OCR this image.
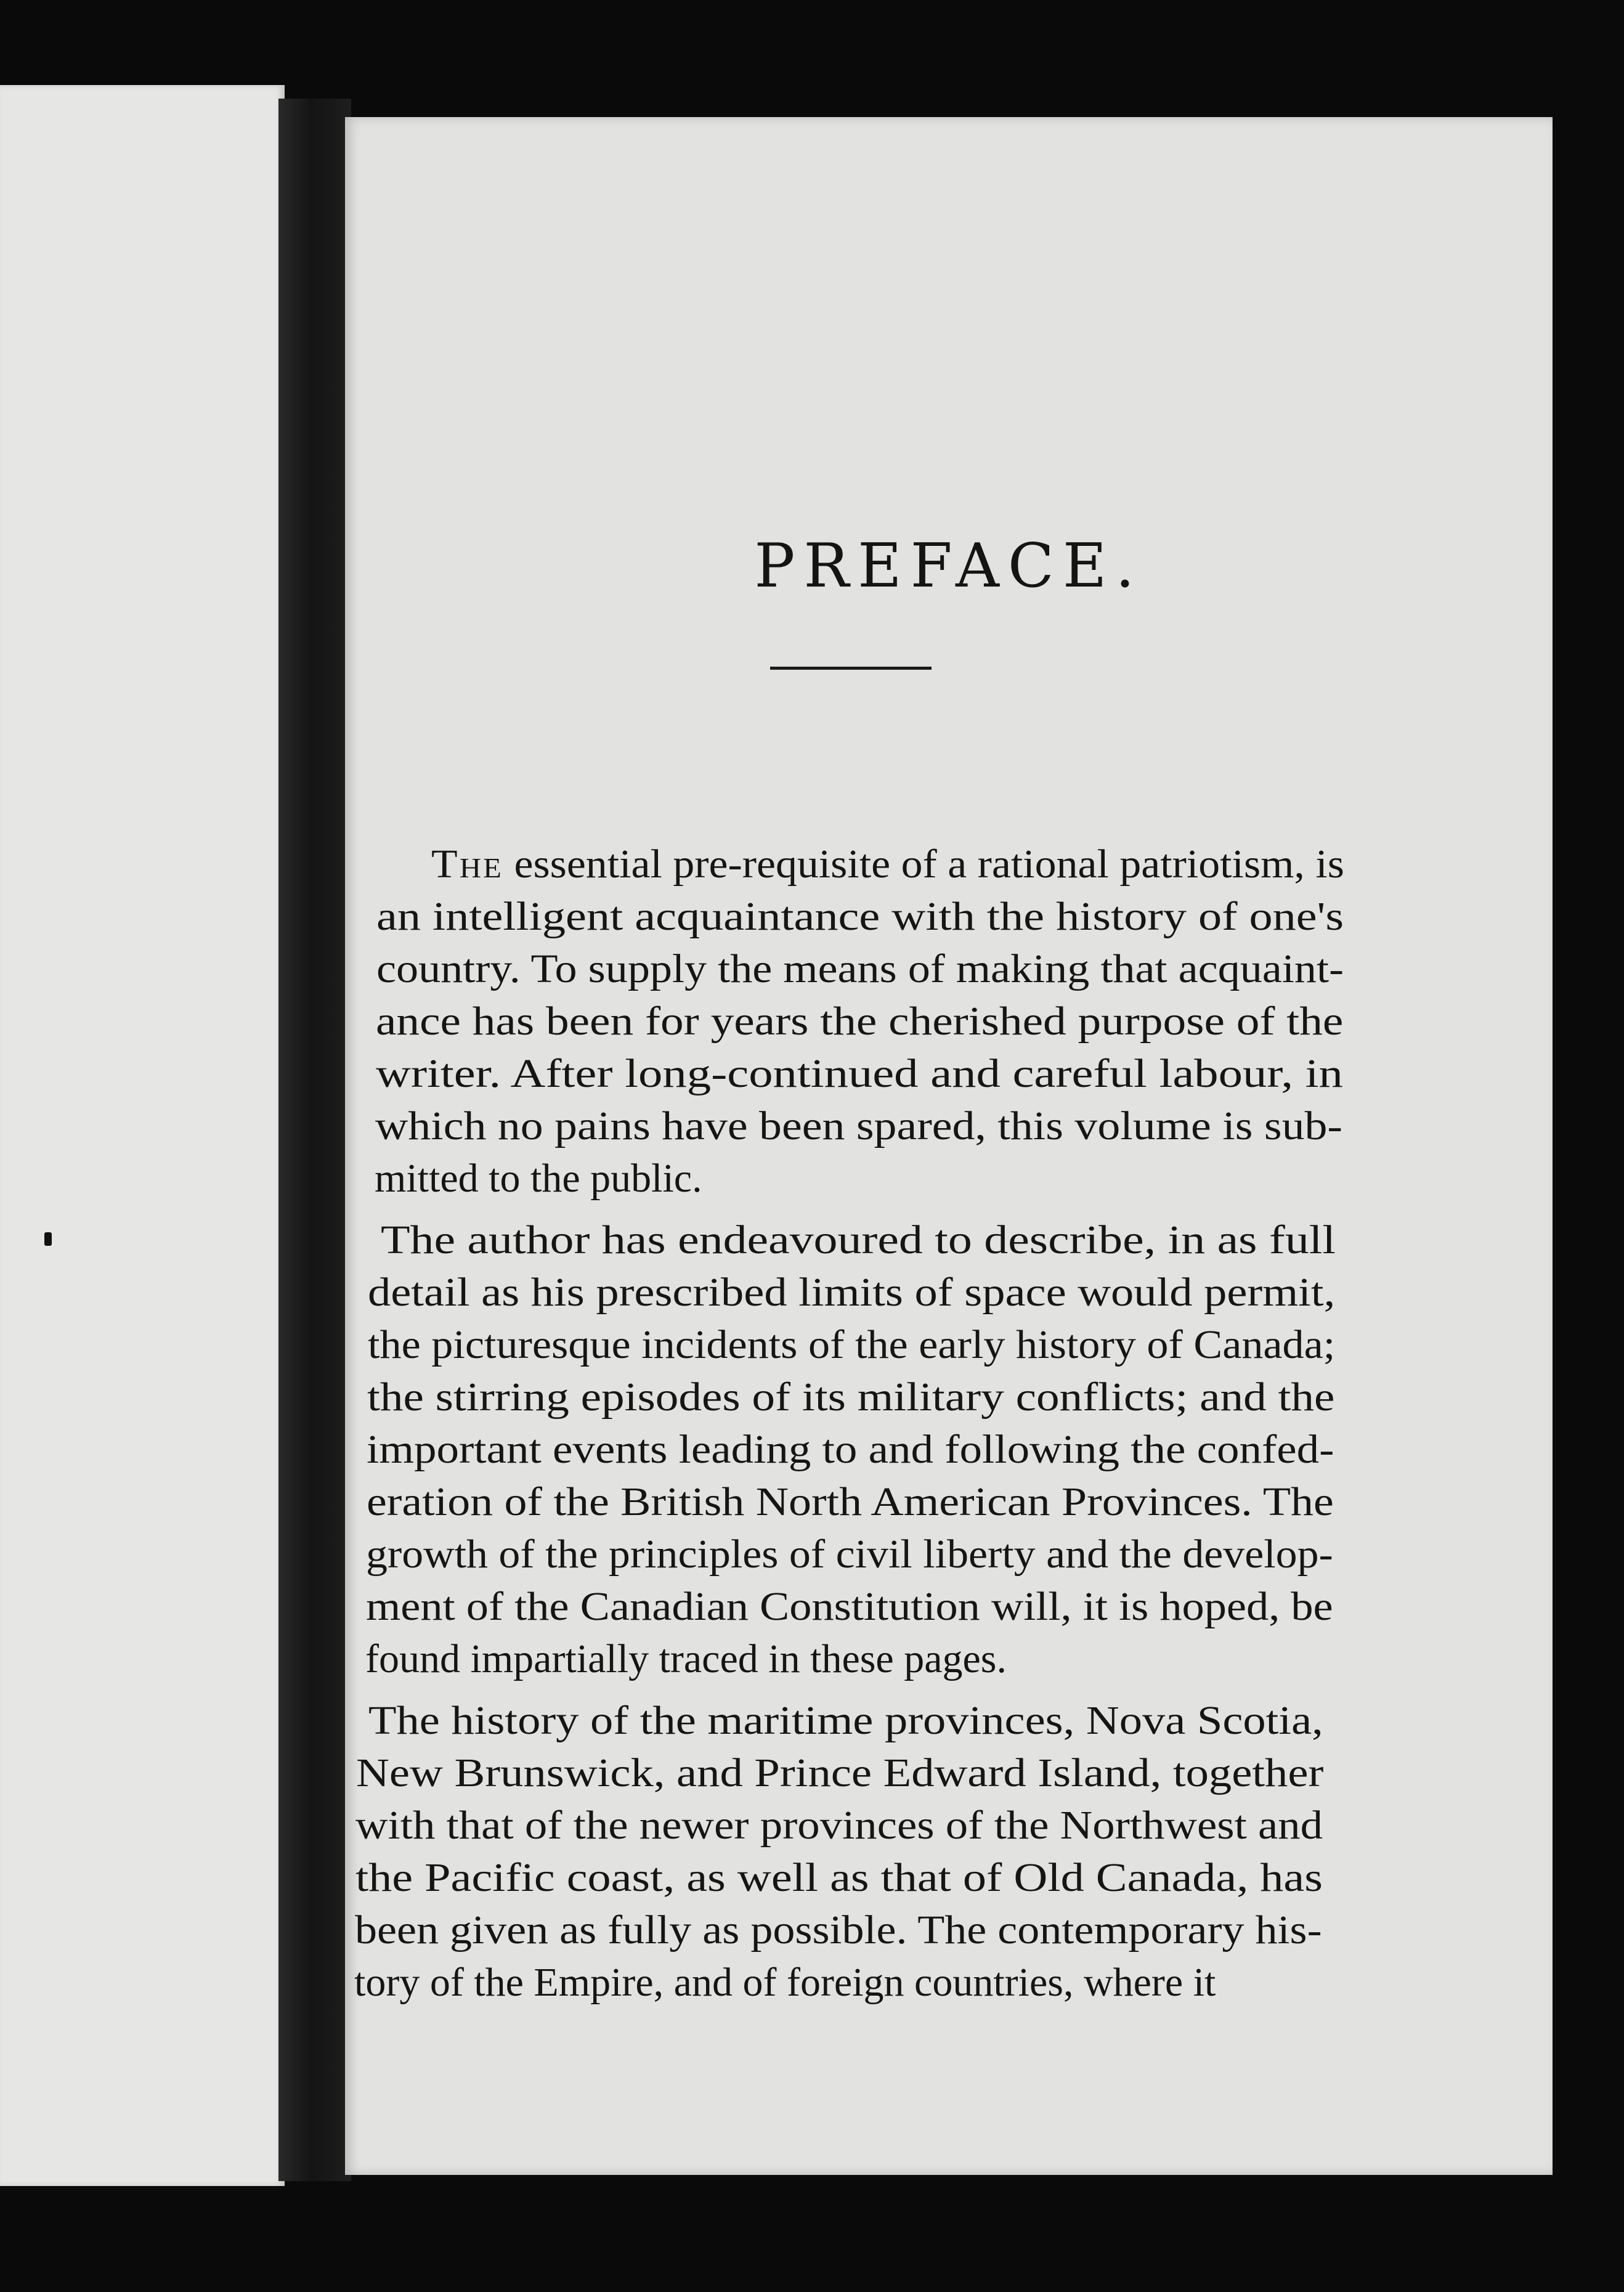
PREFACE.
The essential pre-requisite of a rational patriotism, is
an intelligent acquaintance with the history of one's
country. To supply the means of making that acquaint-
ance has been for years the cherished purpose of the
writer. After long-continued and careful labour, in
which no pains have been spared, this volume is sub-
mitted to the public.
The author has endeavoured to describe, in as full
detail as his prescribed limits of space would permit,
the picturesque incidents of the early history of Canada;
the stirring episodes of its military conflicts; and the
important events leading to and following the confed-
eration of the British North American Provinces. The
growth of the principles of civil liberty and the develop-
ment of the Canadian Constitution will, it is hoped, be
found impartially traced in these pages.
The history of the maritime provinces, Nova Scotia,
New Brunswick, and Prince Edward Island, together
with that of the newer provinces of the Northwest and
the Pacific coast, as well as that of Old Canada, has
been given as fully as possible. The contemporary his-
tory of the Empire, and of foreign countries, where it
